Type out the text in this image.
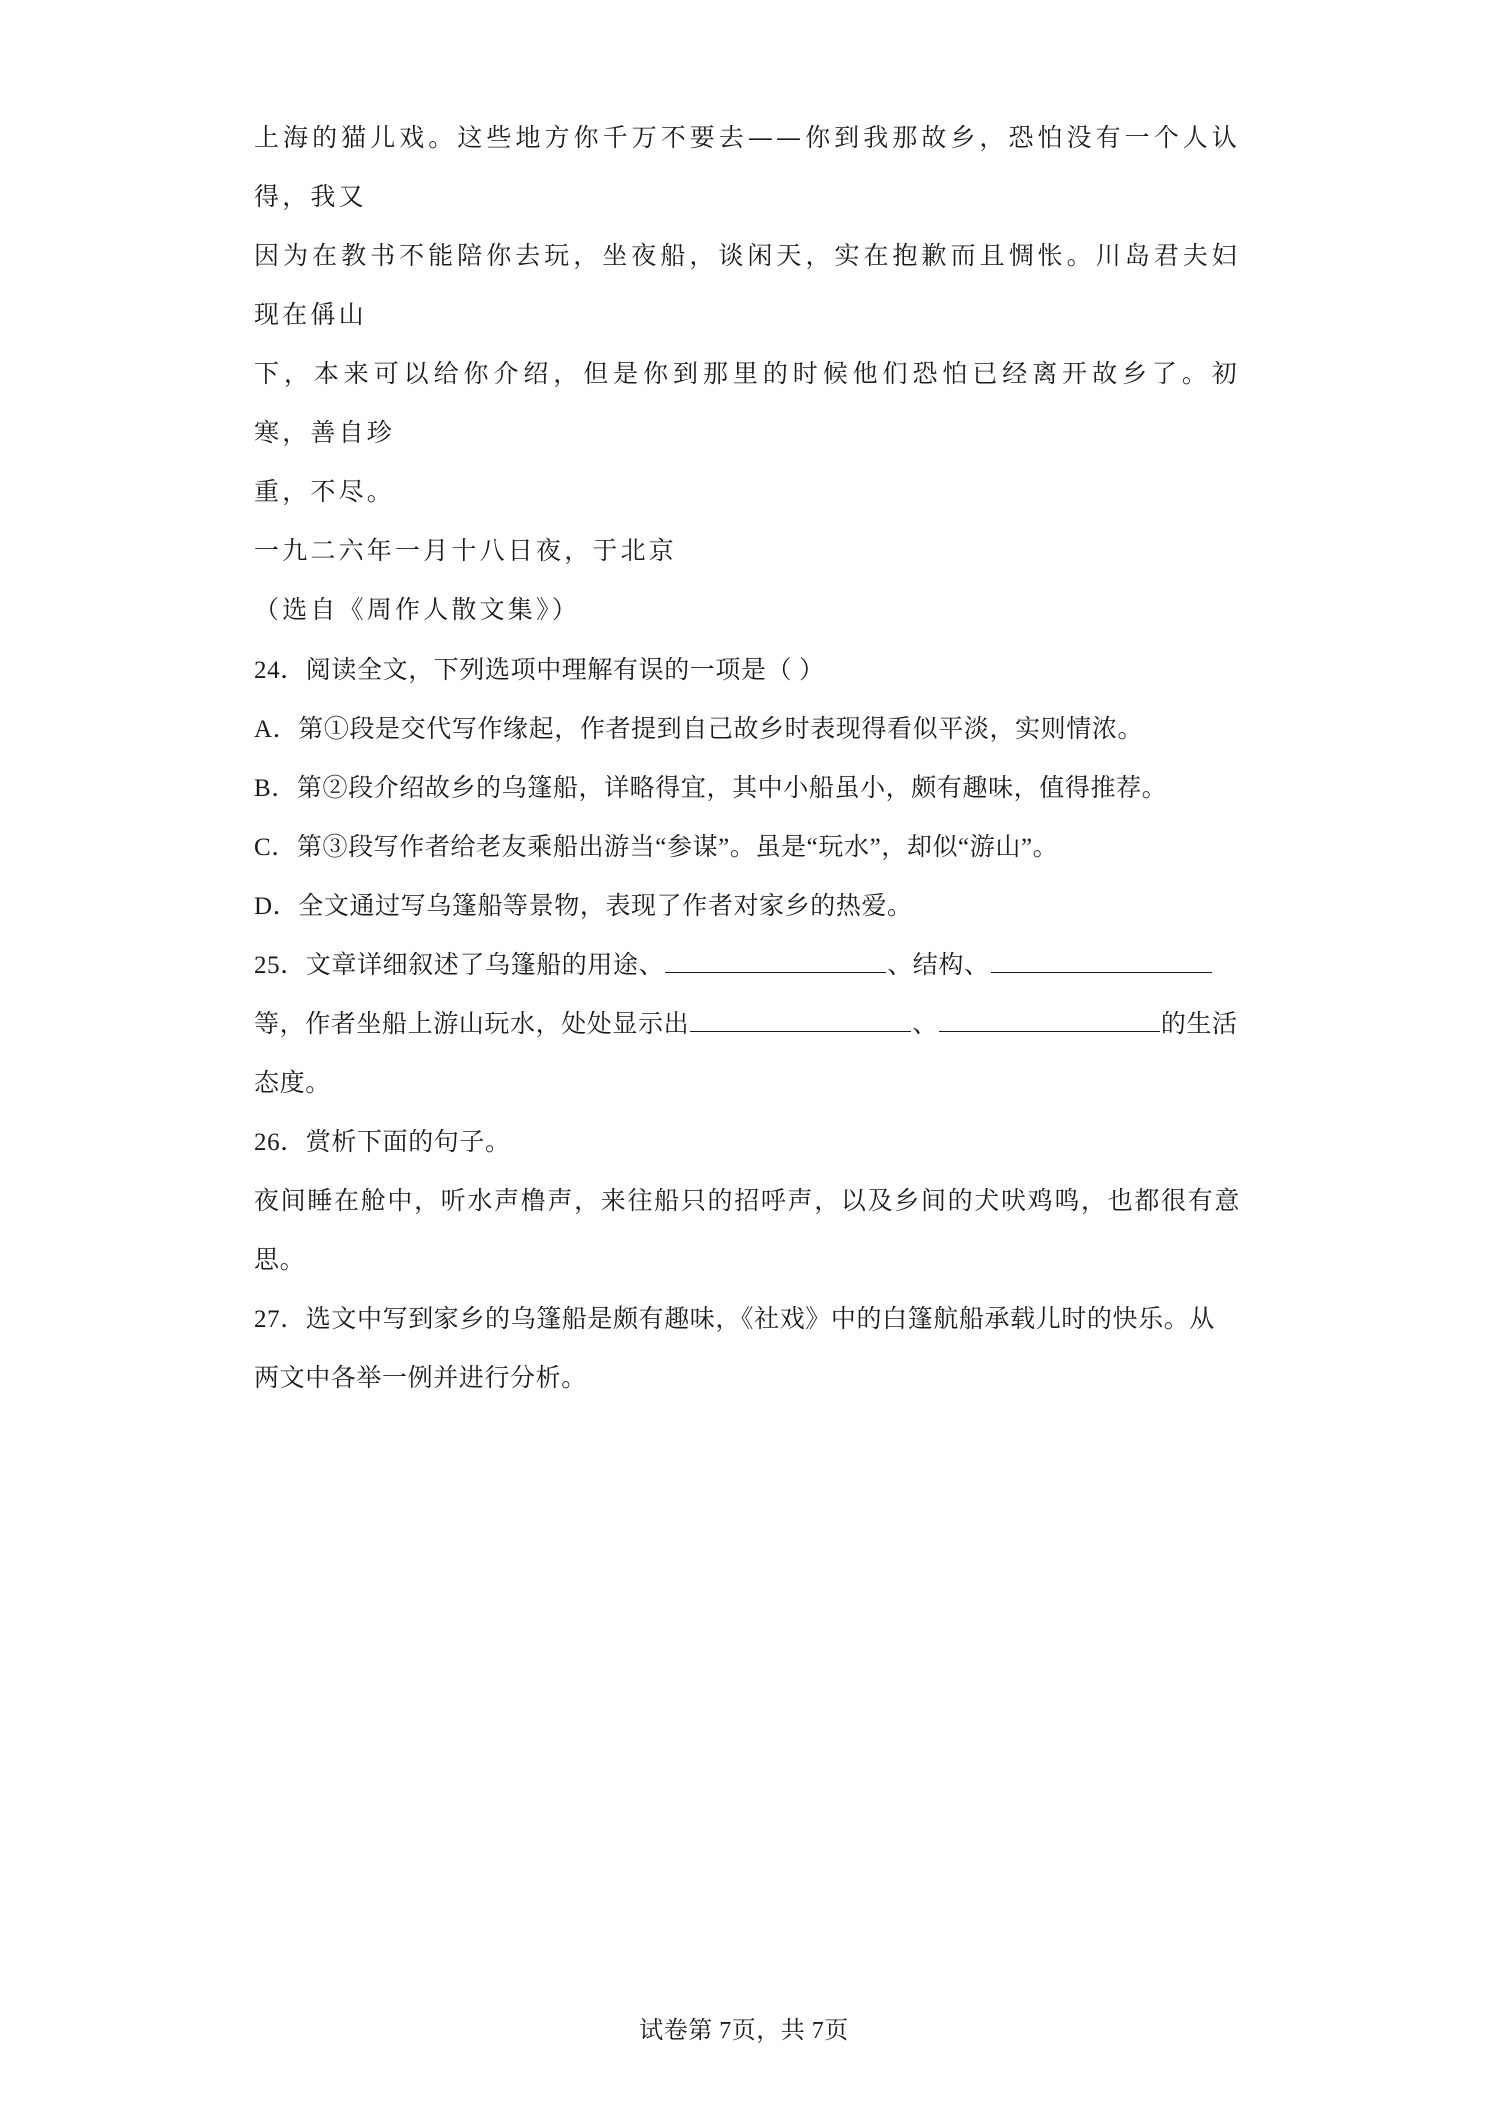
上海的猫儿戏。这些地方你千万不要去——你到我那故乡，恐怕没有一个人认得，我又

因为在教书不能陪你去玩，坐夜船，谈闲天，实在抱歉而且惆怅。川岛君夫妇现在偁山

下，本来可以给你介绍，但是你到那里的时候他们恐怕已经离开故乡了。初寒，善自珍

重，不尽。

一九二六年一月十八日夜，于北京

（选自《周作人散文集》）

24．阅读全文，下列选项中理解有误的一项是（ ）

A．第①段是交代写作缘起，作者提到自己故乡时表现得看似平淡，实则情浓。

B．第②段介绍故乡的乌篷船，详略得宜，其中小船虽小，颇有趣味，值得推荐。

C．第③段写作者给老友乘船出游当“参谋”。虽是“玩水”，却似“游山”。

D．全文通过写乌篷船等景物，表现了作者对家乡的热爱。

25．文章详细叙述了乌篷船的用途、	、结构、

等，作者坐船上游山玩水，处处显示出	、	的生活

态度。

26．赏析下面的句子。

夜间睡在舱中，听水声橹声，来往船只的招呼声，以及乡间的犬吠鸡鸣，也都很有意思。

27．选文中写到家乡的乌篷船是颇有趣味，《社戏》中的白篷航船承载儿时的快乐。从

两文中各举一例并进行分析。

试卷第 7页，共 7页
